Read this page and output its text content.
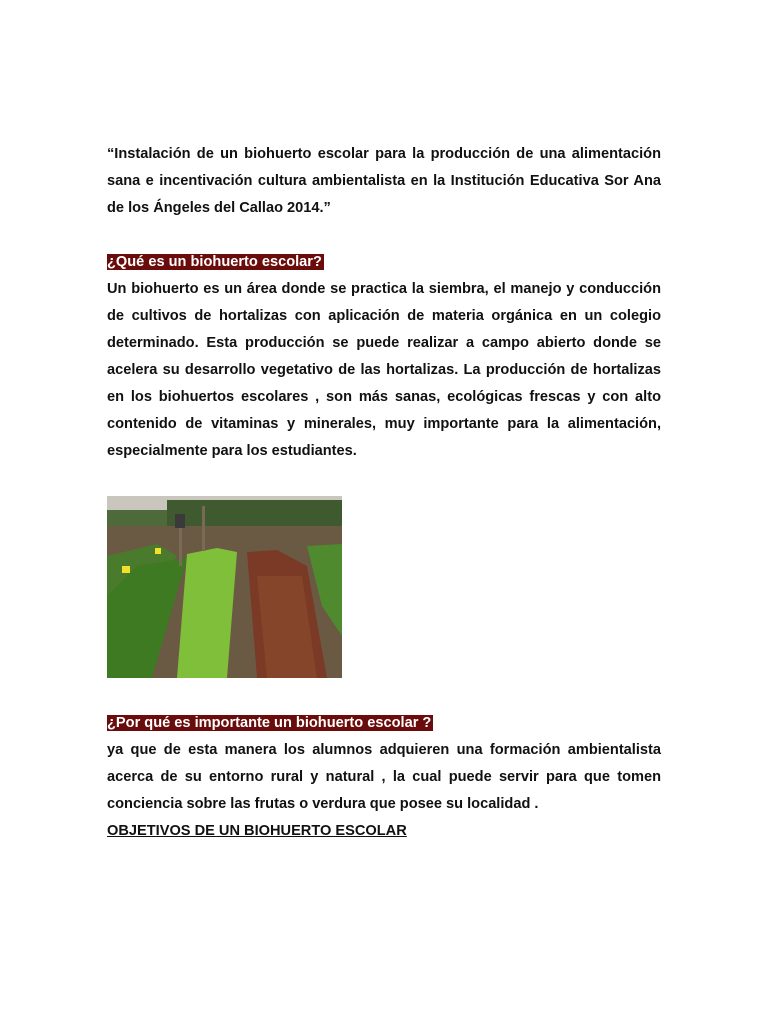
“Instalación de un biohuerto escolar para la producción de una alimentación sana e incentivación cultura ambientalista en la Institución Educativa Sor Ana de los Ángeles del Callao 2014.”

¿Qué es un biohuerto escolar?

Un biohuerto es un área donde se practica la siembra, el manejo y conducción de cultivos de hortalizas con aplicación de materia orgánica en un colegio determinado. Esta producción se puede realizar a campo abierto donde se acelera su desarrollo vegetativo de las hortalizas. La producción de hortalizas en los biohuertos escolares , son más sanas, ecológicas frescas y con alto contenido de vitaminas y minerales, muy importante para la alimentación, especialmente para los estudiantes.

¿Por qué es importante un biohuerto escolar ?

ya que de esta manera los alumnos adquieren una formación ambientalista acerca de su entorno rural y natural , la cual puede servir para que tomen conciencia sobre las frutas o verdura que posee su localidad .

OBJETIVOS DE UN BIOHUERTO ESCOLAR
